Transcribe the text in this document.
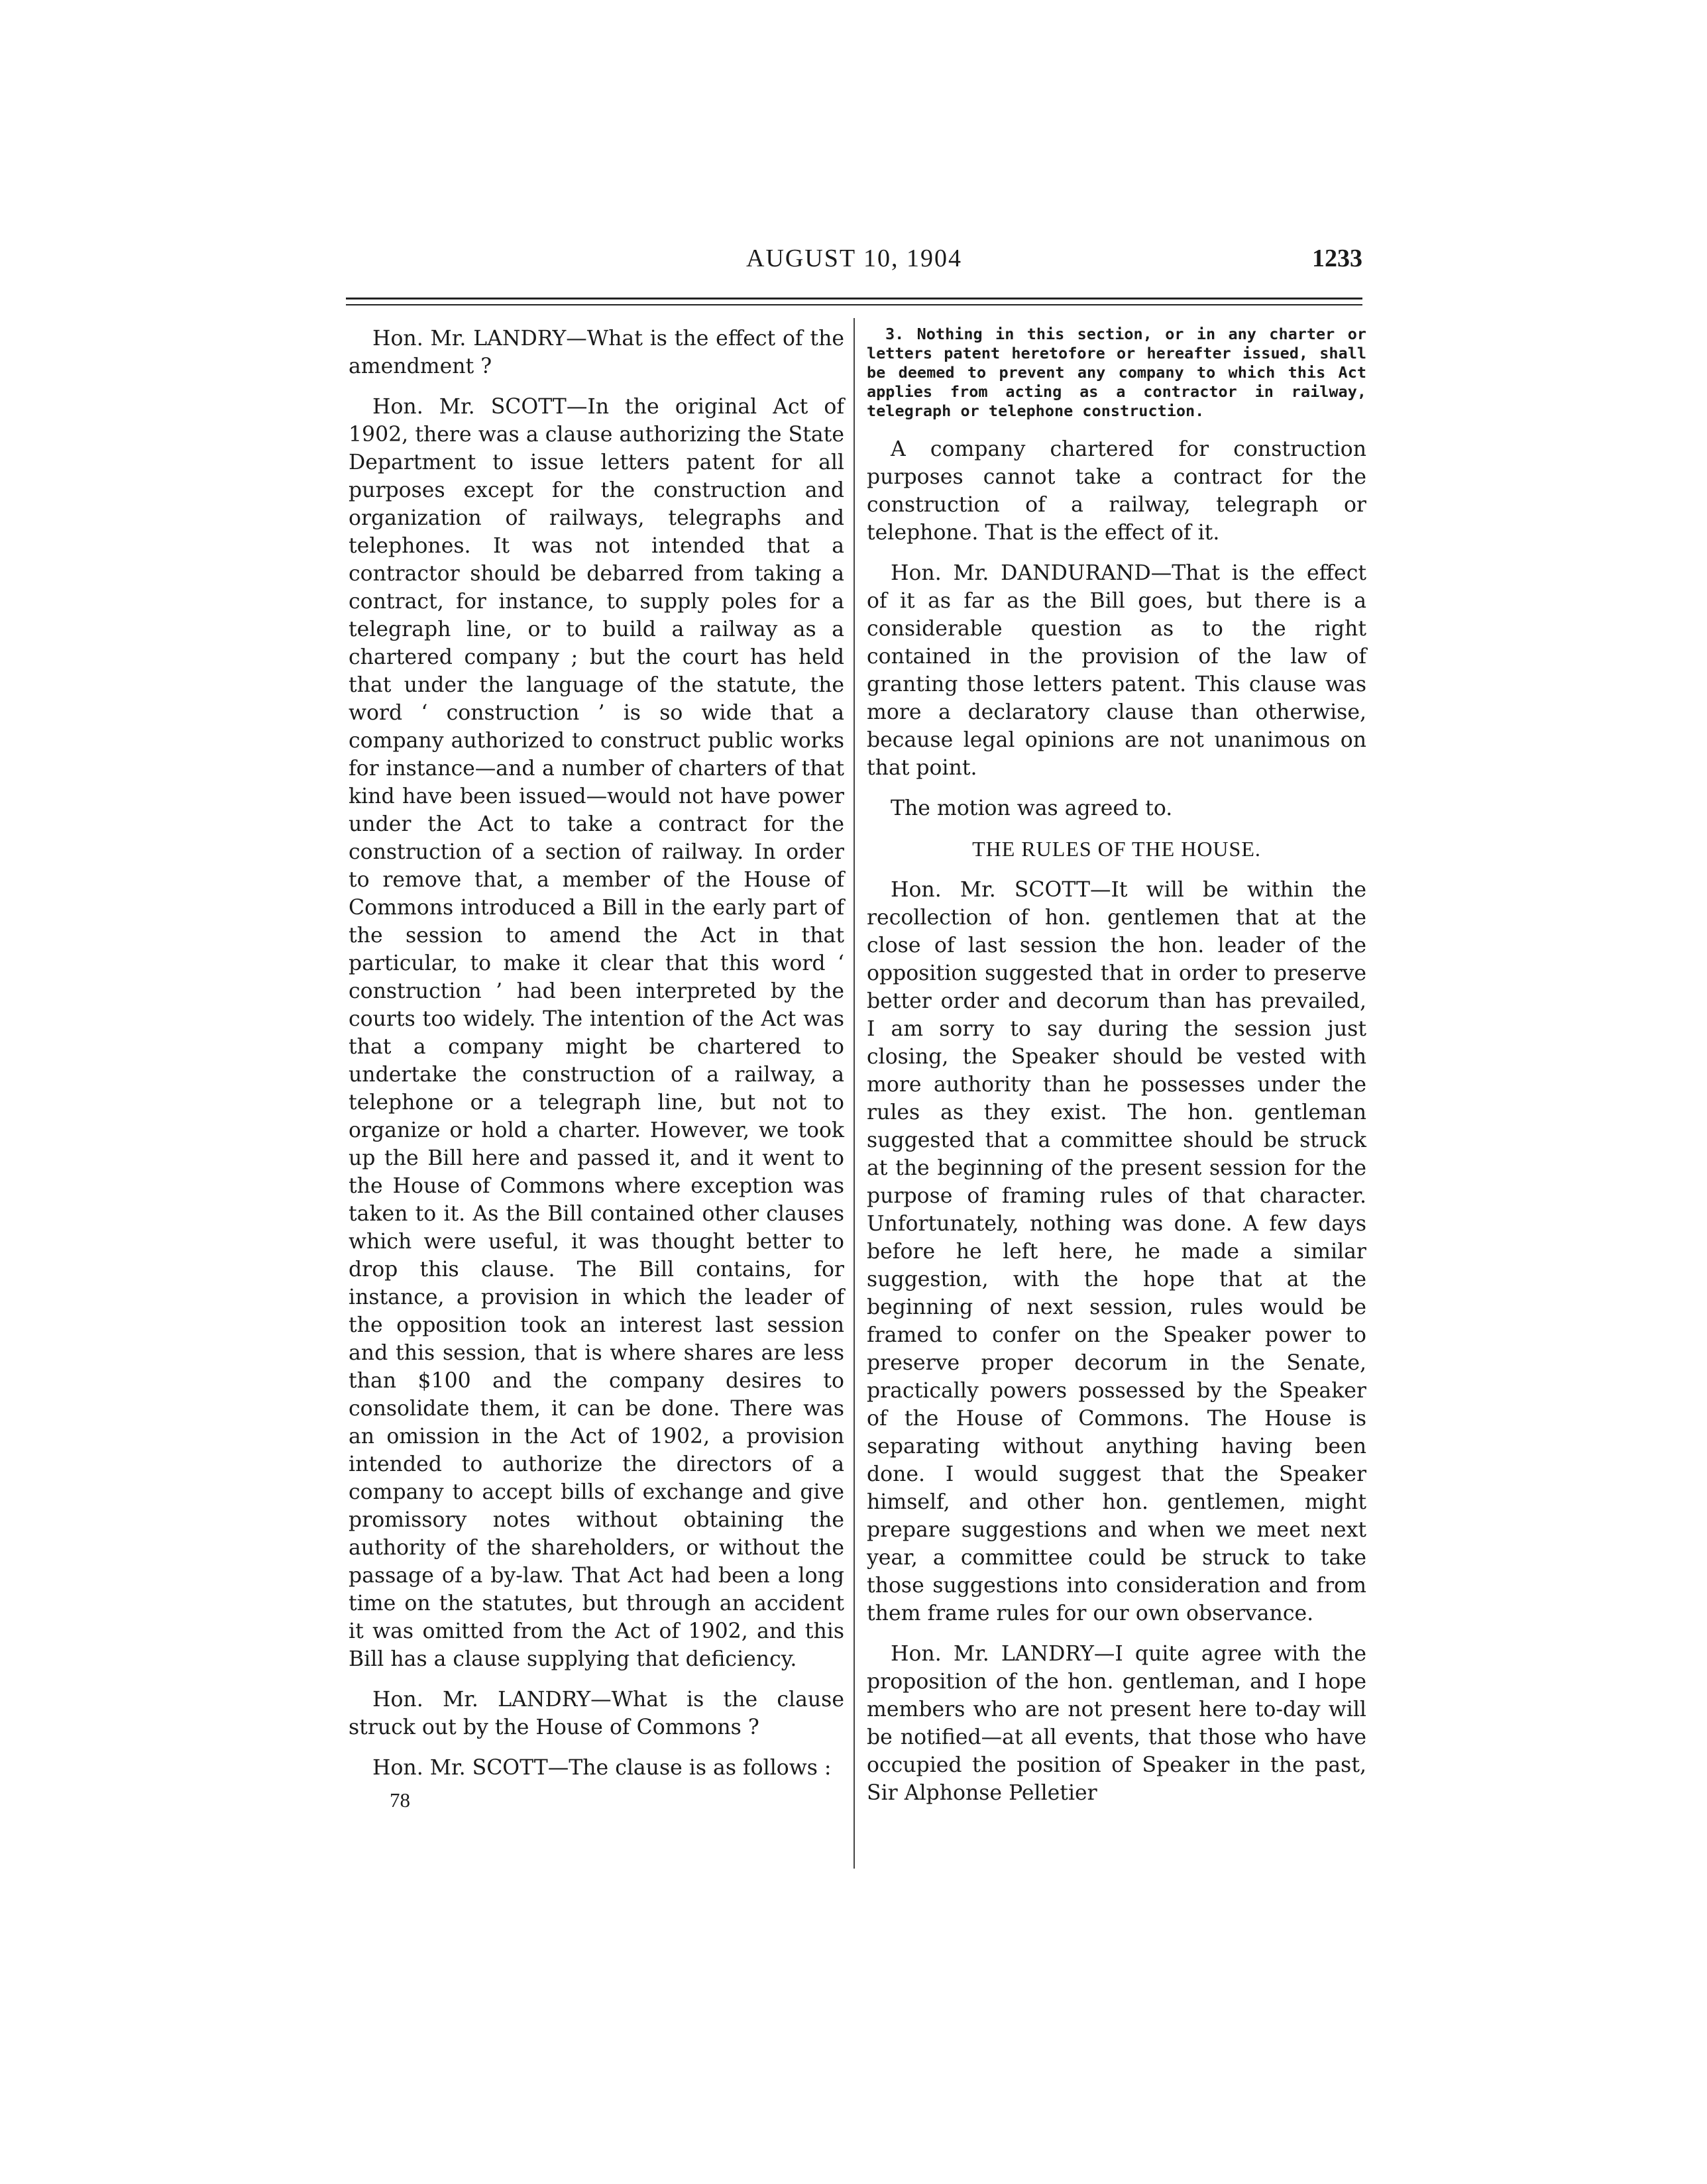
AUGUST 10, 1904	1233

Hon. Mr. LANDRY—What is the effect of the amendment ?

Hon. Mr. SCOTT—In the original Act of 1902, there was a clause authorizing the State Department to issue letters patent for all purposes except for the construction and organization of railways, telegraphs and telephones. It was not intended that a contractor should be debarred from taking a contract, for instance, to supply poles for a telegraph line, or to build a railway as a chartered company ; but the court has held that under the language of the statute, the word ‘ construction ’ is so wide that a company authorized to construct public works for instance—and a number of charters of that kind have been issued—would not have power under the Act to take a contract for the construction of a section of railway. In order to remove that, a member of the House of Commons introduced a Bill in the early part of the session to amend the Act in that particular, to make it clear that this word ‘ construction ’ had been interpreted by the courts too widely. The intention of the Act was that a company might be chartered to undertake the construction of a railway, a telephone or a telegraph line, but not to organize or hold a charter. However, we took up the Bill here and passed it, and it went to the House of Commons where exception was taken to it. As the Bill contained other clauses which were useful, it was thought better to drop this clause. The Bill contains, for instance, a provision in which the leader of the opposition took an interest last session and this session, that is where shares are less than $100 and the company desires to consolidate them, it can be done. There was an omission in the Act of 1902, a provision intended to authorize the directors of a company to accept bills of exchange and give promissory notes without obtaining the authority of the shareholders, or without the passage of a by-law. That Act had been a long time on the statutes, but through an accident it was omitted from the Act of 1902, and this Bill has a clause supplying that deficiency.

Hon. Mr. LANDRY—What is the clause struck out by the House of Commons ?

Hon. Mr. SCOTT—The clause is as follows :

78

3. Nothing in this section, or in any charter or letters patent heretofore or hereafter issued, shall be deemed to prevent any company to which this Act applies from acting as a contractor in railway, telegraph or telephone construction.

A company chartered for construction purposes cannot take a contract for the construction of a railway, telegraph or telephone. That is the effect of it.

Hon. Mr. DANDURAND—That is the effect of it as far as the Bill goes, but there is a considerable question as to the right contained in the provision of the law of granting those letters patent. This clause was more a declaratory clause than otherwise, because legal opinions are not unanimous on that point.

The motion was agreed to.

THE RULES OF THE HOUSE.

Hon. Mr. SCOTT—It will be within the recollection of hon. gentlemen that at the close of last session the hon. leader of the opposition suggested that in order to preserve better order and decorum than has prevailed, I am sorry to say during the session just closing, the Speaker should be vested with more authority than he possesses under the rules as they exist. The hon. gentleman suggested that a committee should be struck at the beginning of the present session for the purpose of framing rules of that character. Unfortunately, nothing was done. A few days before he left here, he made a similar suggestion, with the hope that at the beginning of next session, rules would be framed to confer on the Speaker power to preserve proper decorum in the Senate, practically powers possessed by the Speaker of the House of Commons. The House is separating without anything having been done. I would suggest that the Speaker himself, and other hon. gentlemen, might prepare suggestions and when we meet next year, a committee could be struck to take those suggestions into consideration and from them frame rules for our own observance.

Hon. Mr. LANDRY—I quite agree with the proposition of the hon. gentleman, and I hope members who are not present here to-day will be notified—at all events, that those who have occupied the position of Speaker in the past, Sir Alphonse Pelletier
